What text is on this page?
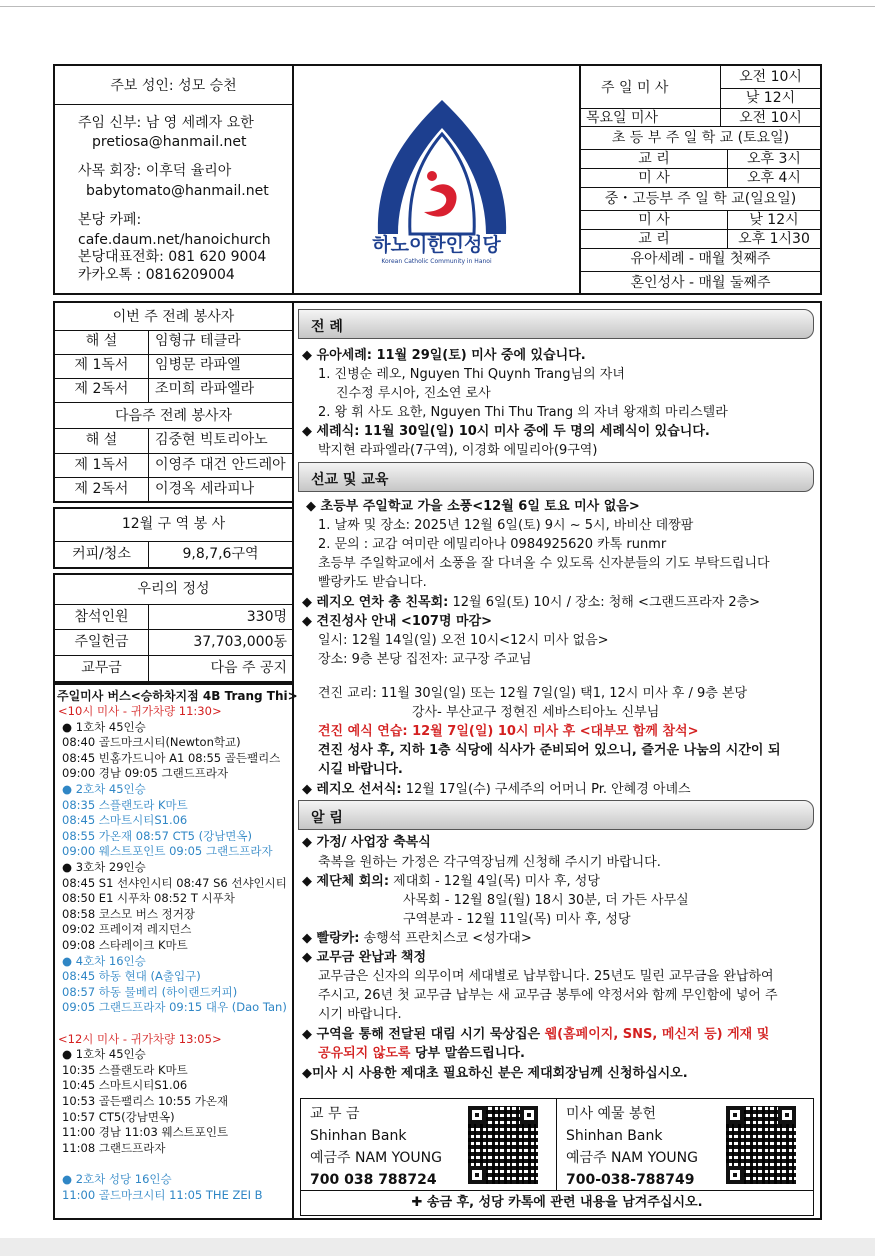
주보 성인: 성모 승천
주임 신부: 남 영 세례자 요한
pretiosa@hanmail.net
사목 회장: 이후덕 율리아
babytomato@hanmail.net
본당 카페:
cafe.daum.net/hanoichurch
본당대표전화: 081 620 9004
카카오톡 : 0816209004
하노이한인성당
Korean Catholic Community in Hanoi
주 일 미 사
오전 10시
낮 12시
목요일 미사	오전 10시
초 등 부 주 일 학 교 (토요일)
교 리	오후 3시
미 사	오후 4시
중・고등부 주 일 학 교(일요일)
미 사	낮 12시
교 리	오후 1시30
유아세례 - 매월 첫째주
혼인성사 - 매월 둘째주
이번 주 전례 봉사자
해 설	임형규 테클라
제 1독서	임병문 라파엘
제 2독서	조미희 라파엘라
다음주 전례 봉사자
해 설	김중현 빅토리아노
제 1독서	이영주 대건 안드레아
제 2독서	이경옥 세라피나
12월 구 역 봉 사
커피/청소	9,8,7,6구역
우리의 정성
참석인원	330명
주일헌금	37,703,000동
교무금	다음 주 공지
주일미사 버스<승하차지점 4B Trang Thi>
<10시 미사 - 귀가차량 11:30>
● 1호차 45인승
08:40 골드마크시티(Newton학교)
08:45 빈홈가드니아 A1 08:55 골든팰리스
09:00 경남 09:05 그랜드프라자
● 2호차 45인승
08:35 스플랜도라 K마트
08:45 스마트시티S1.06
08:55 가온재 08:57 CT5 (강남면옥)
09:00 웨스트포인트 09:05 그랜드프라자
● 3호차 29인승
08:45 S1 선샤인시티 08:47 S6 선샤인시티
08:50 E1 시푸차 08:52 T 시푸차
08:58 코스모 버스 정거장
09:02 프레이져 레지던스
09:08 스타레이크 K마트
● 4호차 16인승
08:45 하동 현대 (A출입구)
08:57 하동 물베리 (하이랜드커피)
09:05 그랜드프라자 09:15 대우 (Dao Tan)
<12시 미사 - 귀가차량 13:05>
● 1호차 45인승
10:35 스플랜도라 K마트
10:45 스마트시티S1.06
10:53 골든팰리스 10:55 가온재
10:57 CT5(강남면옥)
11:00 경남 11:03 웨스트포인트
11:08 그랜드프라자
● 2호차 성당 16인승
11:00 골드마크시티 11:05 THE ZEI B
전 례
◆ 유아세례: 11월 29일(토) 미사 중에 있습니다.
1. 진병순 레오, Nguyen Thi Quynh Trang님의 자녀
진수정 루시아, 진소연 로사
2. 왕 휘 사도 요한, Nguyen Thi Thu Trang 의 자녀 왕재희 마리스텔라
◆ 세례식: 11월 30일(일) 10시 미사 중에 두 명의 세례식이 있습니다.
박지현 라파엘라(7구역), 이경화 에밀리아(9구역)
선교 및 교육
◆ 초등부 주일학교 가을 소풍<12월 6일 토요 미사 없음>
1. 날짜 및 장소: 2025년 12월 6일(토) 9시 ~ 5시, 바비산 데짱팜
2. 문의 : 교감 여미란 에밀리아나 0984925620 카톡 runmr
초등부 주일학교에서 소풍을 잘 다녀올 수 있도록 신자분들의 기도 부탁드립니다
빨랑카도 받습니다.
◆ 레지오 연차 총 친목회: 12월 6일(토) 10시 / 장소: 청해 <그랜드프라자 2층>
◆ 견진성사 안내 <107명 마감>
일시: 12월 14일(일) 오전 10시<12시 미사 없음>
장소: 9층 본당 집전자: 교구장 주교님
견진 교리: 11월 30일(일) 또는 12월 7일(일) 택1, 12시 미사 후 / 9층 본당
강사- 부산교구 정현진 세바스티아노 신부님
견진 예식 연습: 12월 7일(일) 10시 미사 후 <대부모 함께 참석>
견진 성사 후, 지하 1층 식당에 식사가 준비되어 있으니, 즐거운 나눔의 시간이 되
시길 바랍니다.
◆ 레지오 선서식: 12월 17일(수) 구세주의 어머니 Pr. 안혜경 아녜스
알 림
◆ 가정/ 사업장 축복식
축복을 원하는 가정은 각구역장님께 신청해 주시기 바랍니다.
◆ 제단체 회의: 제대회 - 12월 4일(목) 미사 후, 성당
사목회 - 12월 8일(월) 18시 30분, 더 가든 사무실
구역분과 - 12월 11일(목) 미사 후, 성당
◆ 빨랑카: 송행석 프란치스코 <성가대>
◆ 교무금 완납과 책정
교무금은 신자의 의무이며 세대별로 납부합니다. 25년도 밀린 교무금을 완납하여
주시고, 26년 첫 교무금 납부는 새 교무금 봉투에 약정서와 함께 무인함에 넣어 주
시기 바랍니다.
◆ 구역을 통해 전달된 대림 시기 묵상집은 웹(홈페이지, SNS, 메신저 등) 게재 및
공유되지 않도록 당부 말씀드립니다.
◆미사 시 사용한 제대초 필요하신 분은 제대회장님께 신청하십시오.
교 무 금
Shinhan Bank
예금주 NAM YOUNG
700 038 788724
미사 예물 봉헌
Shinhan Bank
예금주 NAM YOUNG
700-038-788749
✚ 송금 후, 성당 카톡에 관련 내용을 남겨주십시오.
